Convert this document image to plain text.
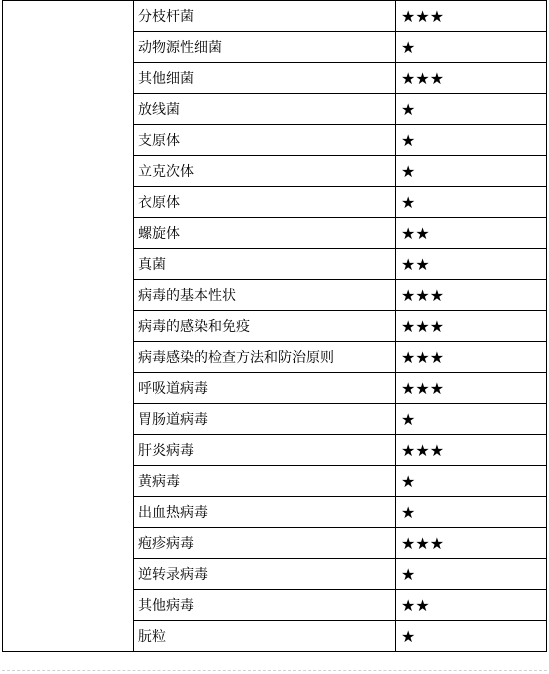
	分枝杆菌	★★★
	动物源性细菌	★
	其他细菌	★★★
	放线菌	★
	支原体	★
	立克次体	★
	衣原体	★
	螺旋体	★★
	真菌	★★
	病毒的基本性状	★★★
	病毒的感染和免疫	★★★
	病毒感染的检查方法和防治原则	★★★
	呼吸道病毒	★★★
	胃肠道病毒	★
	肝炎病毒	★★★
	黄病毒	★
	出血热病毒	★
	疱疹病毒	★★★
	逆转录病毒	★
	其他病毒	★★
	朊粒	★
